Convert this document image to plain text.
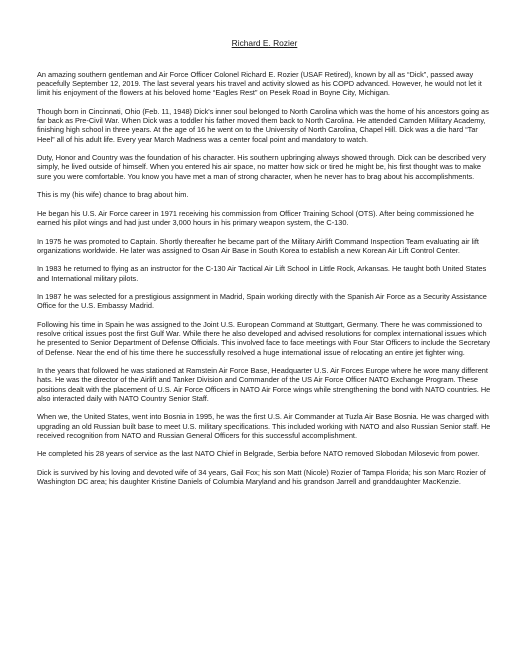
Richard E. Rozier

An amazing southern gentleman and Air Force Officer Colonel Richard E. Rozier (USAF Retired), known by all as “Dick”, passed away peacefully September 12, 2019. The last several years his travel and activity slowed as his COPD advanced. However, he would not let it limit his enjoyment of the flowers at his beloved home “Eagles Rest” on Pesek Road in Boyne City, Michigan.

Though born in Cincinnati, Ohio (Feb. 11, 1948) Dick's inner soul belonged to North Carolina which was the home of his ancestors going as far back as Pre-Civil War. When Dick was a toddler his father moved them back to North Carolina. He attended Camden Military Academy, finishing high school in three years. At the age of 16 he went on to the University of North Carolina, Chapel Hill. Dick was a die hard “Tar Heel” all of his adult life. Every year March Madness was a center focal point and mandatory to watch.

Duty, Honor and Country was the foundation of his character. His southern upbringing always showed through. Dick can be described very simply, he lived outside of himself. When you entered his air space, no matter how sick or tired he might be, his first thought was to make sure you were comfortable. You know you have met a man of strong character, when he never has to brag about his accomplishments.

This is my (his wife) chance to brag about him.

He began his U.S. Air Force career in 1971 receiving his commission from Officer Training School (OTS). After being commissioned he earned his pilot wings and had just under 3,000 hours in his primary weapon system, the C-130.

In 1975 he was promoted to Captain. Shortly thereafter he became part of the Military Airlift Command Inspection Team evaluating air lift organizations worldwide. He later was assigned to Osan Air Base in South Korea to establish a new Korean Air Lift Control Center.

In 1983 he returned to flying as an instructor for the C-130 Air Tactical Air Lift School in Little Rock, Arkansas. He taught both United States and International military pilots.

In 1987 he was selected for a prestigious assignment in Madrid, Spain working directly with the Spanish Air Force as a Security Assistance Office for the U.S. Embassy Madrid.

Following his time in Spain he was assigned to the Joint U.S. European Command at Stuttgart, Germany. There he was commissioned to resolve critical issues post the first Gulf War. While there he also developed and advised resolutions for complex international issues which he presented to Senior Department of Defense Officials. This involved face to face meetings with Four Star Officers to include the Secretary of Defense. Near the end of his time there he successfully resolved a huge international issue of relocating an entire jet fighter wing.

In the years that followed he was stationed at Ramstein Air Force Base, Headquarter U.S. Air Forces Europe where he wore many different hats. He was the director of the Airlift and Tanker Division and Commander of the US Air Force Officer NATO Exchange Program. These positions dealt with the placement of U.S. Air Force Officers in NATO Air Force wings while strengthening the bond with NATO countries. He also interacted daily with NATO Country Senior Staff.

When we, the United States, went into Bosnia in 1995, he was the first U.S. Air Commander at Tuzla Air Base Bosnia. He was charged with upgrading an old Russian built base to meet U.S. military specifications. This included working with NATO and also Russian Senior staff. He received recognition from NATO and Russian General Officers for this successful accomplishment.

He completed his 28 years of service as the last NATO Chief in Belgrade, Serbia before NATO removed Slobodan Milosevic from power.

Dick is survived by his loving and devoted wife of 34 years, Gail Fox; his son Matt (Nicole) Rozier of Tampa Florida; his son Marc Rozier of Washington DC area; his daughter Kristine Daniels of Columbia Maryland and his grandson Jarrell and granddaughter MacKenzie.
